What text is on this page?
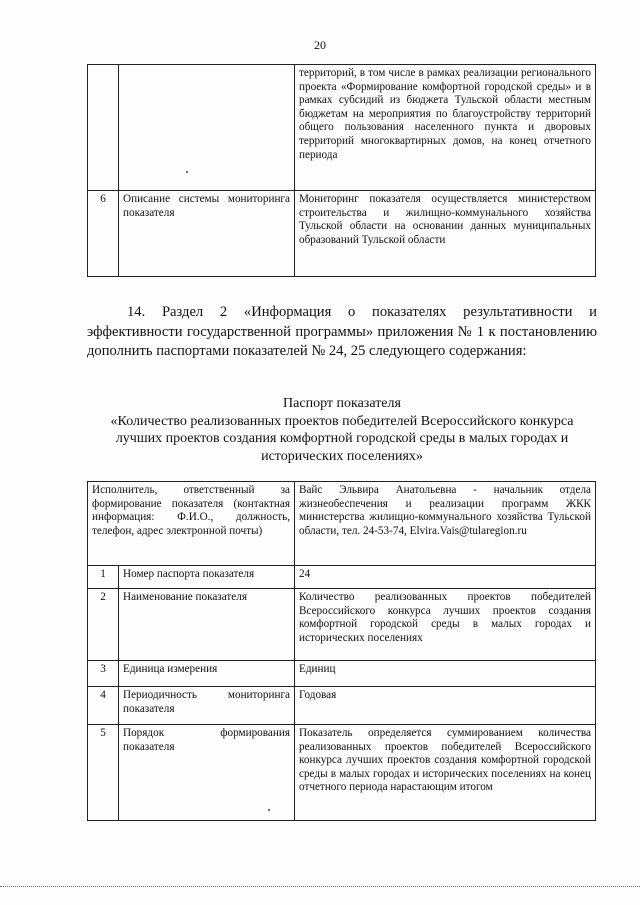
20
		территорий, в том числе в рамках реализации регионального проекта «Формирование комфортной городской среды» и в рамках субсидий из бюджета Тульской области местным бюджетам на мероприятия по благоустройству территорий общего пользования населенного пункта и дворовых территорий многоквартирных домов, на конец отчетного периода
6	Описание системы мониторинга показателя	Мониторинг показателя осуществляется министерством строительства и жилищно-коммунального хозяйства Тульской области на основании данных муниципальных образований Тульской области

14. Раздел 2 «Информация о показателях результативности и эффективности государственной программы» приложения № 1 к постановлению дополнить паспортами показателей № 24, 25 следующего содержания:

Паспорт показателя
«Количество реализованных проектов победителей Всероссийского конкурса лучших проектов создания комфортной городской среды в малых городах и исторических поселениях»
Исполнитель, ответственный за формирование показателя (контактная информация: Ф.И.О., должность, телефон, адрес электронной почты)		Вайс Эльвира Анатольевна - начальник отдела жизнеобеспечения и реализации программ ЖКК министерства жилищно-коммунального хозяйства Тульской области, тел. 24-53-74, Elvira.Vais@tularegion.ru
1	Номер паспорта показателя	24
2	Наименование показателя	Количество реализованных проектов победителей Всероссийского конкурса лучших проектов создания комфортной городской среды в малых городах и исторических поселениях
3	Единица измерения	Единиц
4	Периодичность мониторинга показателя	Годовая
5	Порядок формирования показателя	Показатель определяется суммированием количества реализованных проектов победителей Всероссийского конкурса лучших проектов создания комфортной городской среды в малых городах и исторических поселениях на конец отчетного периода нарастающим итогом
